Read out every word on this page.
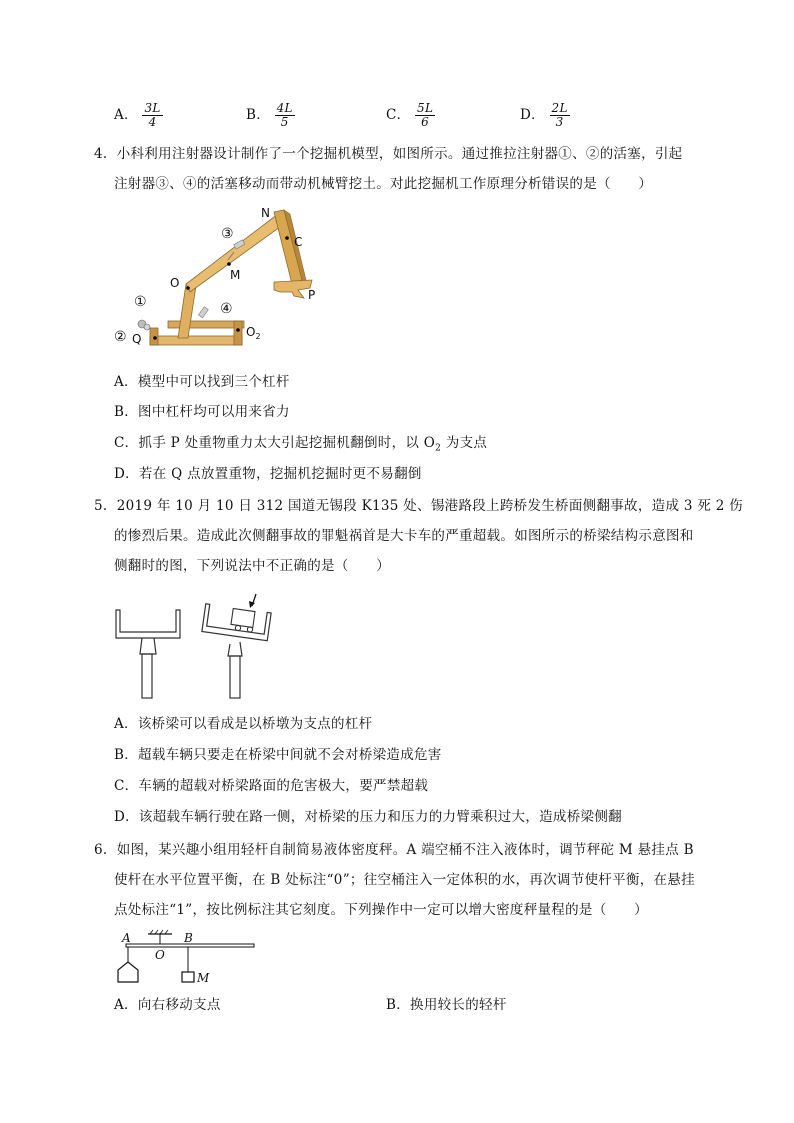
A． $\frac{3L}{4}$	B． $\frac{4L}{5}$	C． $\frac{5L}{6}$	D． $\frac{2L}{3}$
4．小科利用注射器设计制作了一个挖掘机模型，如图所示。通过推拉注射器①、②的活塞，引起
注射器③、④的活塞移动而带动机械臂挖土。对此挖掘机工作原理分析错误的是（　　）
N
C
P
O
M
Q	$O_2$
③
④
①
②
A．模型中可以找到三个杠杆
B．图中杠杆均可以用来省力
C．抓手 P 处重物重力太大引起挖掘机翻倒时，以 $O_2$ 为支点
D．若在 Q 点放置重物，挖掘机挖掘时更不易翻倒
5．2019 年 10 月 10 日 312 国道无锡段 K135 处、锡港路段上跨桥发生桥面侧翻事故，造成 3 死 2 伤
的惨烈后果。造成此次侧翻事故的罪魁祸首是大卡车的严重超载。如图所示的桥梁结构示意图和
侧翻时的图，下列说法中不正确的是（　　）
A．该桥梁可以看成是以桥墩为支点的杠杆
B．超载车辆只要走在桥梁中间就不会对桥梁造成危害
C．车辆的超载对桥梁路面的危害极大，要严禁超载
D．该超载车辆行驶在路一侧，对桥梁的压力和压力的力臂乘积过大，造成桥梁侧翻
6．如图，某兴趣小组用轻杆自制简易液体密度秤。A 端空桶不注入液体时，调节秤砣 M 悬挂点 B
使杆在水平位置平衡，在 B 处标注“0”；往空桶注入一定体积的水，再次调节使杆平衡，在悬挂
点处标注“1”，按比例标注其它刻度。下列操作中一定可以增大密度秤量程的是（　　）
A
O
B
M
A．向右移动支点	B．换用较长的轻杆
